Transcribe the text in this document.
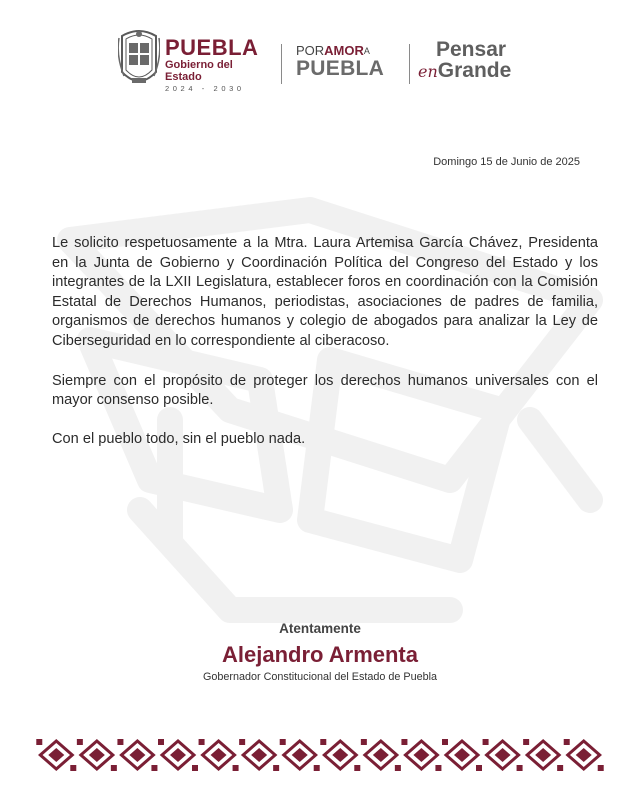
PUEBLA
Gobierno del Estado
2024 - 2030
PORAMORA
PUEBLA
Pensar
enGrande
Domingo 15 de Junio de 2025

Le solicito respetuosamente a la Mtra. Laura Artemisa García Chávez, Presidenta en la Junta de Gobierno y Coordinación Política del Congreso del Estado y los integrantes de la LXII Legislatura, establecer foros en coordinación con la Comisión Estatal de Derechos Humanos, periodistas, asociaciones de padres de familia, organismos de derechos humanos y colegio de abogados para analizar la Ley de Ciberseguridad en lo correspondiente al ciberacoso.

Siempre con el propósito de proteger los derechos humanos universales con el mayor consenso posible.

Con el pueblo todo, sin el pueblo nada.

Atentamente
Alejandro Armenta
Gobernador Constitucional del Estado de Puebla
